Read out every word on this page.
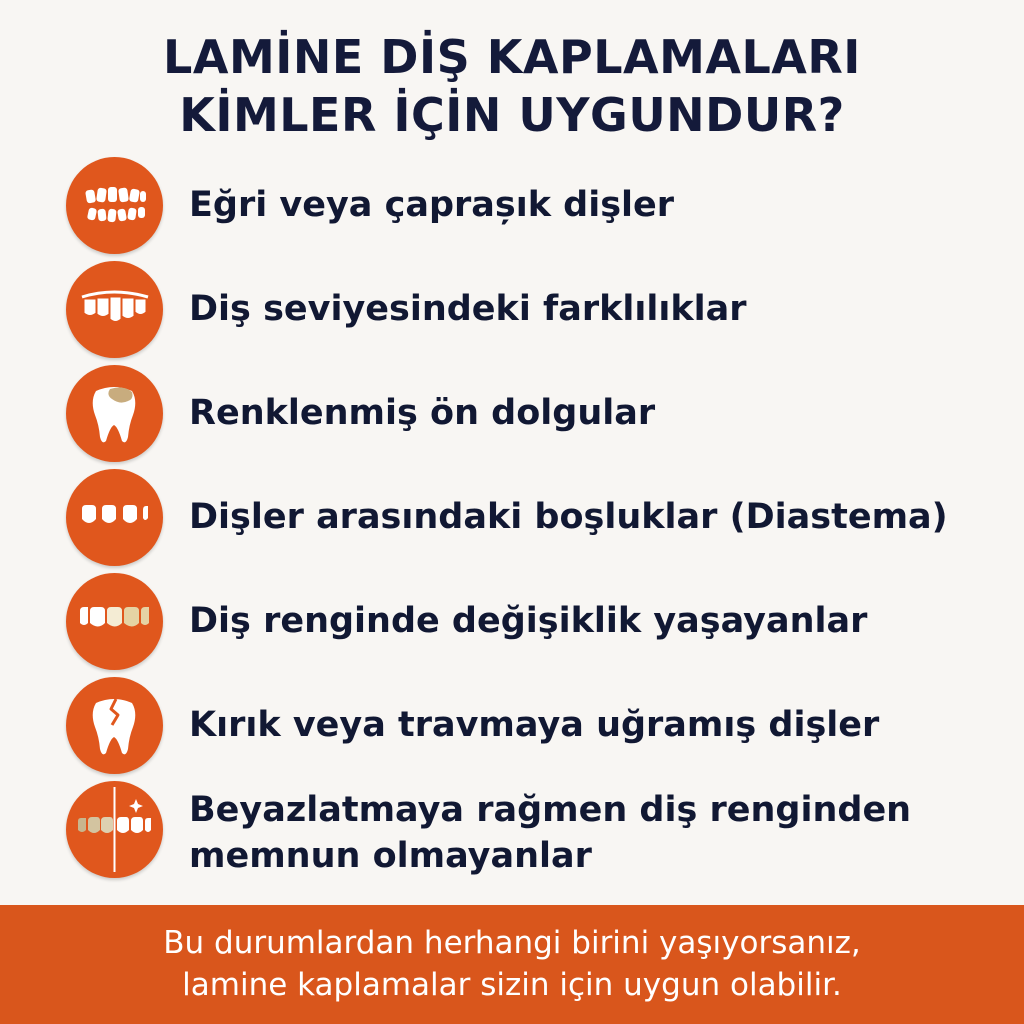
LAMİNE DİŞ KAPLAMALARI
KİMLER İÇİN UYGUNDUR?
Eğri veya çaprașık dişler
Diş seviyesindeki farklılıklar
Renklenmiş ön dolgular
Dişler arasındaki boşluklar (Diastema)
Diş renginde değişiklik yaşayanlar
Kırık veya travmaya uğramış dişler
Beyazlatmaya rağmen diş renginden
memnun olmayanlar
Bu durumlardan herhangi birini yaşıyorsanız,
lamine kaplamalar sizin için uygun olabilir.
